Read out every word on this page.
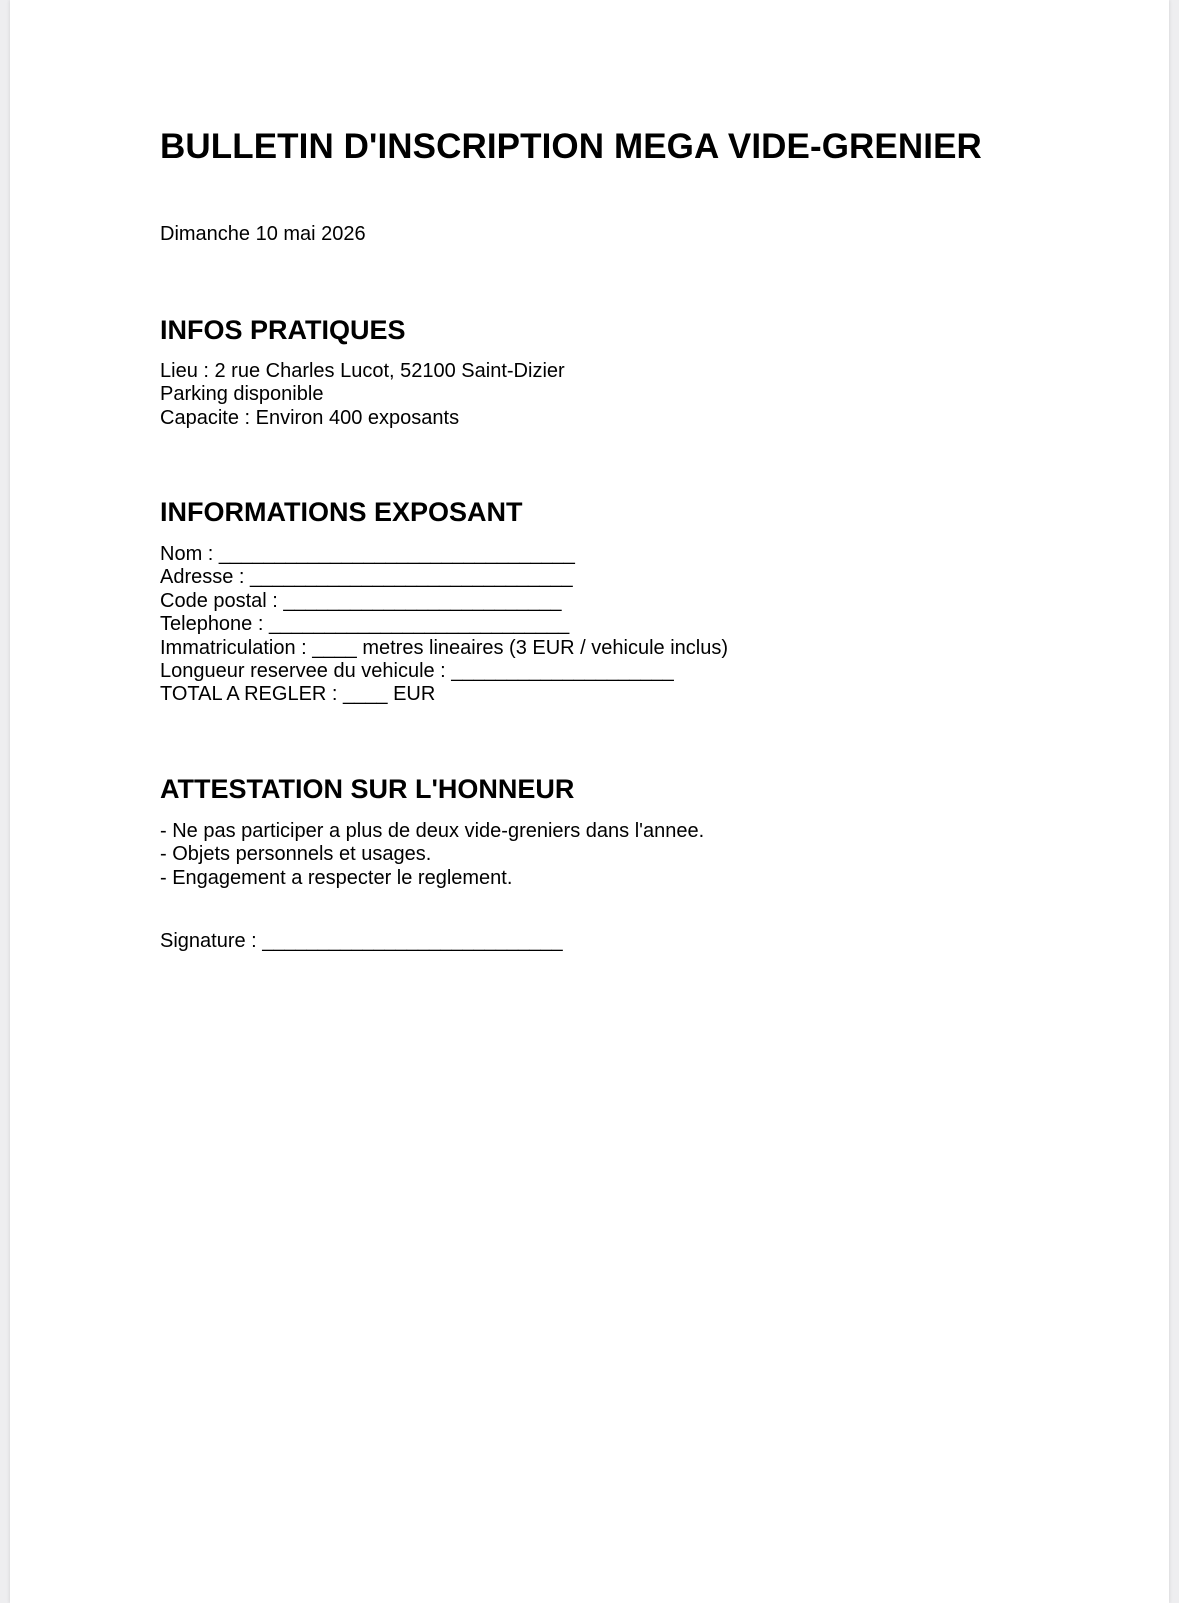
BULLETIN D'INSCRIPTION MEGA VIDE-GRENIER
Dimanche 10 mai 2026
INFOS PRATIQUES
Lieu : 2 rue Charles Lucot, 52100 Saint-Dizier
Parking disponible
Capacite : Environ 400 exposants
INFORMATIONS EXPOSANT
Nom : ________________________________
Adresse : _____________________________
Code postal : _________________________
Telephone : ___________________________
Immatriculation : ____ metres lineaires (3 EUR / vehicule inclus)
Longueur reservee du vehicule : ____________________
TOTAL A REGLER : ____ EUR
ATTESTATION SUR L'HONNEUR
- Ne pas participer a plus de deux vide-greniers dans l'annee.
- Objets personnels et usages.
- Engagement a respecter le reglement.
Signature : ___________________________
